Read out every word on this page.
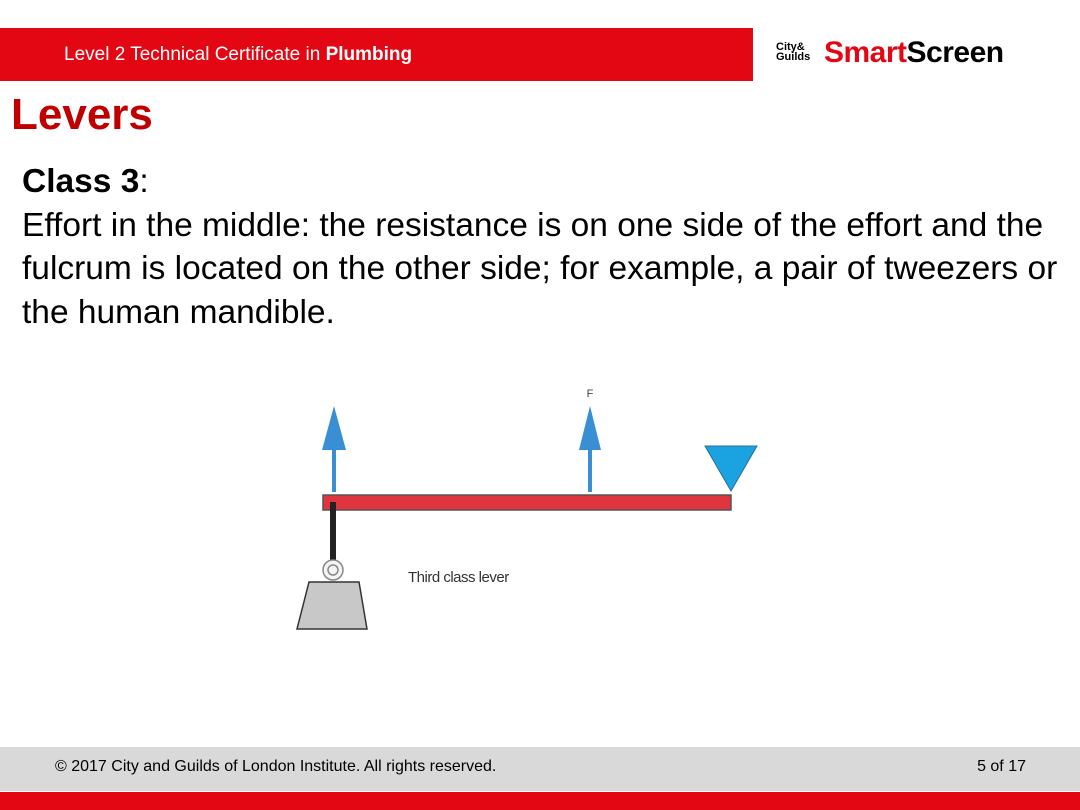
Level 2 Technical Certificate in Plumbing	City&
Guilds SmartScreen
Levers
Class 3:
Effort in the middle: the resistance is on one side of the effort and the fulcrum is located on the other side; for example, a pair of tweezers or the human mandible.
F
Third class lever
© 2017 City and Guilds of London Institute. All rights reserved.	5 of 17
